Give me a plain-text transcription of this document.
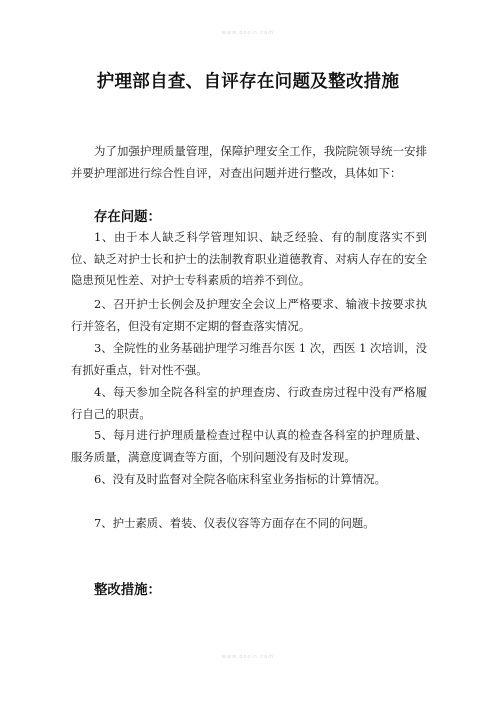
www.docin.com
护理部自查、自评存在问题及整改措施

为了加强护理质量管理，保障护理安全工作，我院院领导统一安排并要护理部进行综合性自评，对查出问题并进行整改，具体如下：

存在问题：

1、由于本人缺乏科学管理知识、缺乏经验、有的制度落实不到位、缺乏对护士长和护士的法制教育职业道德教育、对病人存在的安全隐患预见性差、对护士专科素质的培养不到位。

2、召开护士长例会及护理安全会议上严格要求、输液卡按要求执行并签名，但没有定期不定期的督查落实情况。

3、全院性的业务基础护理学习维吾尔医 1 次，西医 1 次培训，没有抓好重点，针对性不强。

4、每天参加全院各科室的护理查房、行政查房过程中没有严格履行自己的职责。

5、每月进行护理质量检查过程中认真的检查各科室的护理质量、服务质量，满意度调查等方面，个别问题没有及时发现。

6、没有及时监督对全院各临床科室业务指标的计算情况。

7、护士素质、着装、仪表仪容等方面存在不同的问题。

整改措施：
www.docin.com
